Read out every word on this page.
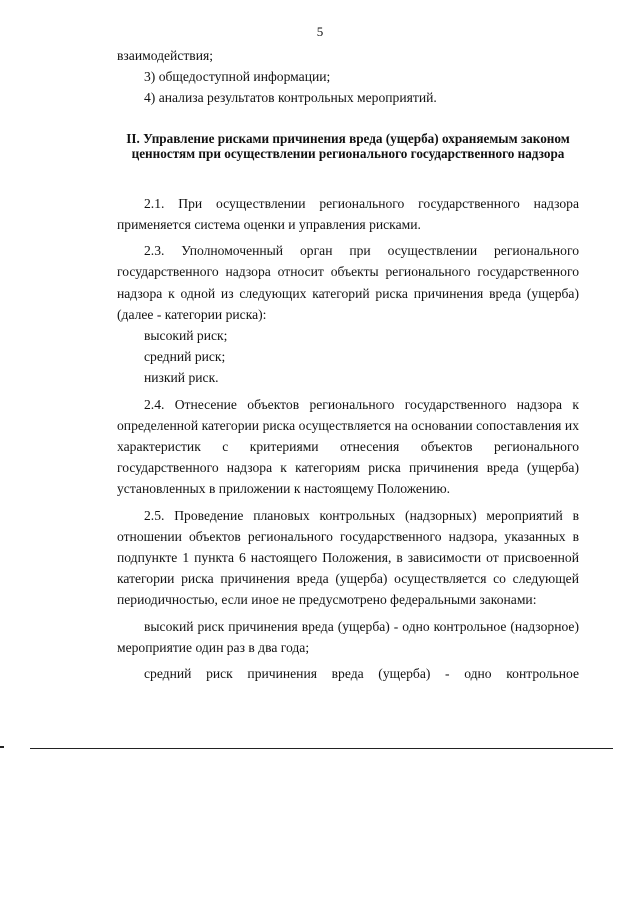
5

взаимодействия;

3) общедоступной информации;

4) анализа результатов контрольных мероприятий.

II. Управление рисками причинения вреда (ущерба) охраняемым законом ценностям при осуществлении регионального государственного надзора

2.1. При осуществлении регионального государственного надзора применяется система оценки и управления рисками.

2.3. Уполномоченный орган при осуществлении регионального государственного надзора относит объекты регионального государственного надзора к одной из следующих категорий риска причинения вреда (ущерба) (далее - категории риска):

высокий риск;

средний риск;

низкий риск.

2.4. Отнесение объектов регионального государственного надзора к определенной категории риска осуществляется на основании сопоставления их характеристик с критериями отнесения объектов регионального государственного надзора к категориям риска причинения вреда (ущерба) установленных в приложении к настоящему Положению.

2.5. Проведение плановых контрольных (надзорных) мероприятий в отношении объектов регионального государственного надзора, указанных в подпункте 1 пункта 6 настоящего Положения, в зависимости от присвоенной категории риска причинения вреда (ущерба) осуществляется со следующей периодичностью, если иное не предусмотрено федеральными законами:

высокий риск причинения вреда (ущерба) - одно контрольное (надзорное) мероприятие один раз в два года;

средний риск причинения вреда (ущерба) - одно контрольное
